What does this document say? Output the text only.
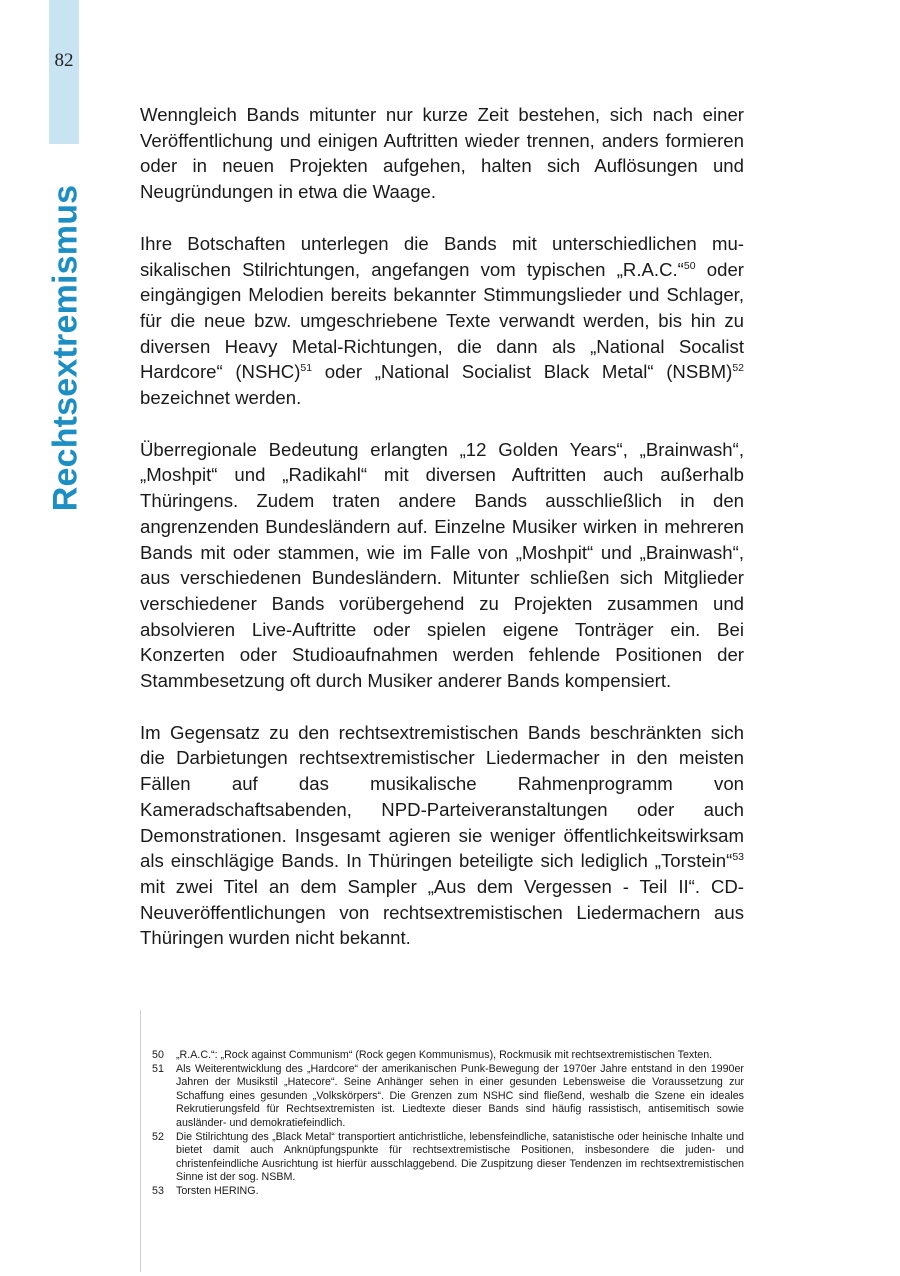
82
Rechtsextremismus

Wenngleich Bands mitunter nur kurze Zeit bestehen, sich nach einer Veröffentlichung und einigen Auftritten wieder trennen, anders formieren oder in neuen Projekten aufgehen, halten sich Auflösungen und Neugründungen in etwa die Waage.

Ihre Botschaften unterlegen die Bands mit unterschiedlichen musikalischen Stilrichtungen, angefangen vom typischen „R.A.C.“$^{50}$ oder eingängigen Melodien bereits bekannter Stimmungslieder und Schlager, für die neue bzw. umgeschriebene Texte verwandt werden, bis hin zu diversen Heavy Metal-Richtungen, die dann als „National Socalist Hardcore“ (NSHC)$^{51}$ oder „National Socialist Black Metal“ (NSBM)$^{52}$ bezeichnet werden.

Überregionale Bedeutung erlangten „12 Golden Years“, „Brainwash“, „Moshpit“ und „Radikahl“ mit diversen Auftritten auch außerhalb Thüringens. Zudem traten andere Bands ausschließlich in den angrenzenden Bundesländern auf. Einzelne Musiker wirken in mehreren Bands mit oder stammen, wie im Falle von „Moshpit“ und „Brainwash“, aus verschiedenen Bundesländern. Mitunter schließen sich Mitglieder verschiedener Bands vorübergehend zu Projekten zusammen und absolvieren Live-Auftritte oder spielen eigene Tonträger ein. Bei Konzerten oder Studioaufnahmen werden fehlende Positionen der Stammbesetzung oft durch Musiker anderer Bands kompensiert.

Im Gegensatz zu den rechtsextremistischen Bands beschränkten sich die Darbietungen rechtsextremistischer Liedermacher in den meisten Fällen auf das musikalische Rahmenprogramm von Kameradschaftsabenden, NPD-Parteiveranstaltungen oder auch Demonstrationen. Insgesamt agieren sie weniger öffentlichkeitswirksam als einschlägige Bands. In Thüringen beteiligte sich lediglich „Torstein“$^{53}$ mit zwei Titel an dem Sampler „Aus dem Vergessen - Teil II“. CD-Neuveröffentlichungen von rechtsextremistischen Liedermachern aus Thüringen wurden nicht bekannt.

50	„R.A.C.“: „Rock against Communism“ (Rock gegen Kommunismus), Rockmusik mit rechtsextremistischen Texten.
51	Als Weiterentwicklung des „Hardcore“ der amerikanischen Punk-Bewegung der 1970er Jahre entstand in den 1990er Jahren der Musikstil „Hatecore“. Seine Anhänger sehen in einer gesunden Lebensweise die Voraussetzung zur Schaffung eines gesunden „Volkskörpers“. Die Grenzen zum NSHC sind fließend, weshalb die Szene ein ideales Rekrutierungsfeld für Rechtsextremisten ist. Liedtexte dieser Bands sind häufig rassistisch, antisemitisch sowie ausländer- und demokratiefeindlich.
52	Die Stilrichtung des „Black Metal“ transportiert antichristliche, lebensfeindliche, satanistische oder heinische Inhalte und bietet damit auch Anknüpfungspunkte für rechtsextremistische Positionen, insbesondere die juden- und christenfeindliche Ausrichtung ist hierfür ausschlaggebend. Die Zuspitzung dieser Tendenzen im rechtsextremistischen Sinne ist der sog. NSBM.
53	Torsten HERING.
